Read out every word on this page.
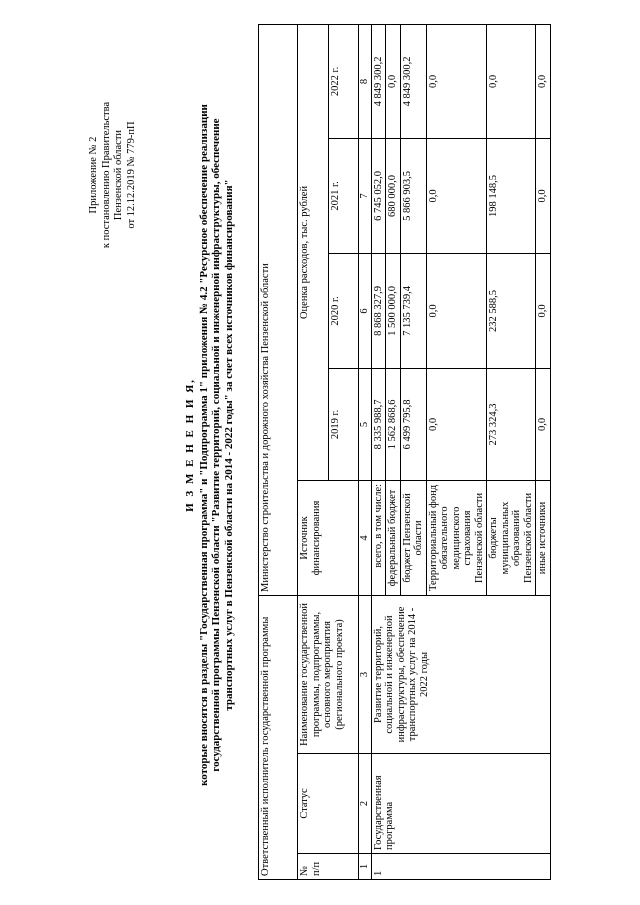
Приложение № 2 к постановлению Правительства Пензенской области от 12.12.2019 № 779-пП
И З М Е Н Е Н И Я, которые вносятся в разделы "Государственная программа" и "Подпрограмма 1" приложения № 4.2 "Ресурсное обеспечение реализации государственной программы Пензенской области "Развитие территорий, социальной и инженерной инфраструктуры, обеспечение транспортных услуг в Пензенской области на 2014 - 2022 годы" за счет всех источников финансирования"
Ответственный исполнитель государственной программы			Министерство строительства и дорожного хозяйства Пензенской области				
№ п/п	Статус	Наименование государственной программы, подпрограммы, основного мероприятия (регионального проекта)	Источник финансирования	Оценка расходов, тыс. рублей			
				2019 г.	2020 г.	2021 г.	2022 г.
1	2	3	4	5	6	7	8
1	Государственная программа	Развитие территорий, социальной и инженерной инфраструктуры, обеспечение транспортных услуг на 2014 - 2022 годы	всего, в том числе:	8 335 988,7	8 868 327,9	6 745 052,0	4 849 300,2
			федеральный бюджет	1 562 868,6	1 500 000,0	680 000,0	0,0
			бюджет Пензенской области	6 499 795,8	7 135 739,4	5 866 903,5	4 849 300,2
			Территориальный фонд обязательного медицинского страхования Пензенской области	0,0	0,0	0,0	0,0
			бюджеты муниципальных образований Пензенской области	273 324,3	232 588,5	198 148,5	0,0
			иные источники	0,0	0,0	0,0	0,0
